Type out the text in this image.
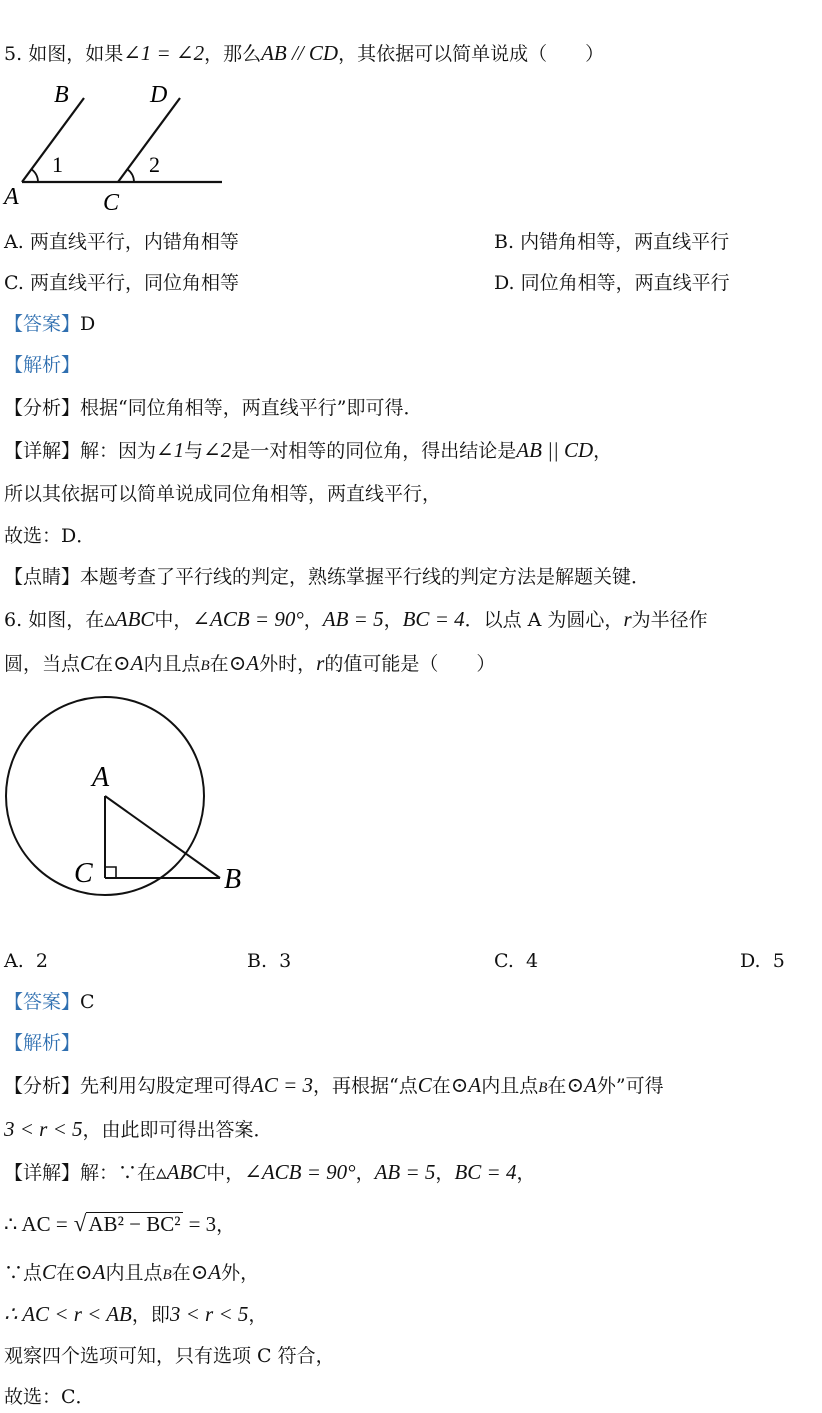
5. 如图，如果∠1 = ∠2，那么AB // CD，其依据可以简单说成（　　）
B	D
1	2
A	C
A. 两直线平行，内错角相等	B. 内错角相等，两直线平行
C. 两直线平行，同位角相等	D. 同位角相等，两直线平行
【答案】D
【解析】
【分析】根据“同位角相等，两直线平行”即可得．
【详解】解：因为∠1与∠2是一对相等的同位角，得出结论是AB || CD，
所以其依据可以简单说成同位角相等，两直线平行，
故选：D．
【点睛】本题考查了平行线的判定，熟练掌握平行线的判定方法是解题关键．
6. 如图，在▵ABC中，∠ACB = 90°，AB = 5，BC = 4．以点 A 为圆心，r为半径作
圆，当点C在⊙A内且点B在⊙A外时，r的值可能是（　　）
A
C	B
A. 2	B. 3	C. 4	D. 5
【答案】C
【解析】
【分析】先利用勾股定理可得AC = 3，再根据“点C在⊙A内且点B在⊙A外”可得
3 < r < 5，由此即可得出答案．
【详解】解：∵在▵ABC中，∠ACB = 90°，AB = 5，BC = 4，
∴ AC = √AB² − BC² = 3，
∵点C在⊙A内且点B在⊙A外，
∴ AC < r < AB，即3 < r < 5，
观察四个选项可知，只有选项 C 符合，
故选：C．
